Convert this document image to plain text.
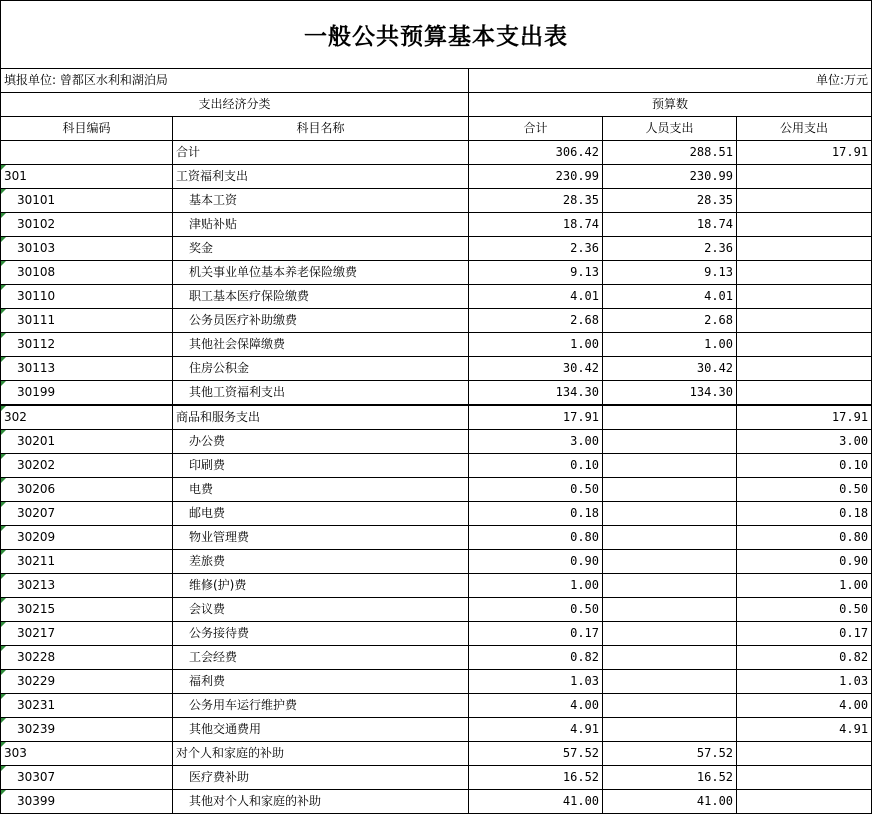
一般公共预算基本支出表
填报单位: 曾都区水利和湖泊局		单位:万元		
支出经济分类		预算数		
科目编码	科目名称	合计	人员支出	公用支出
	合计	306.42	288.51	17.91
301	工资福利支出	230.99	230.99	
30101	基本工资	28.35	28.35	
30102	津贴补贴	18.74	18.74	
30103	奖金	2.36	2.36	
30108	机关事业单位基本养老保险缴费	9.13	9.13	
30110	职工基本医疗保险缴费	4.01	4.01	
30111	公务员医疗补助缴费	2.68	2.68	
30112	其他社会保障缴费	1.00	1.00	
30113	住房公积金	30.42	30.42	
30199	其他工资福利支出	134.30	134.30	
302	商品和服务支出	17.91		17.91
30201	办公费	3.00		3.00
30202	印刷费	0.10		0.10
30206	电费	0.50		0.50
30207	邮电费	0.18		0.18
30209	物业管理费	0.80		0.80
30211	差旅费	0.90		0.90
30213	维修(护)费	1.00		1.00
30215	会议费	0.50		0.50
30217	公务接待费	0.17		0.17
30228	工会经费	0.82		0.82
30229	福利费	1.03		1.03
30231	公务用车运行维护费	4.00		4.00
30239	其他交通费用	4.91		4.91
303	对个人和家庭的补助	57.52	57.52	
30307	医疗费补助	16.52	16.52	
30399	其他对个人和家庭的补助	41.00	41.00	
